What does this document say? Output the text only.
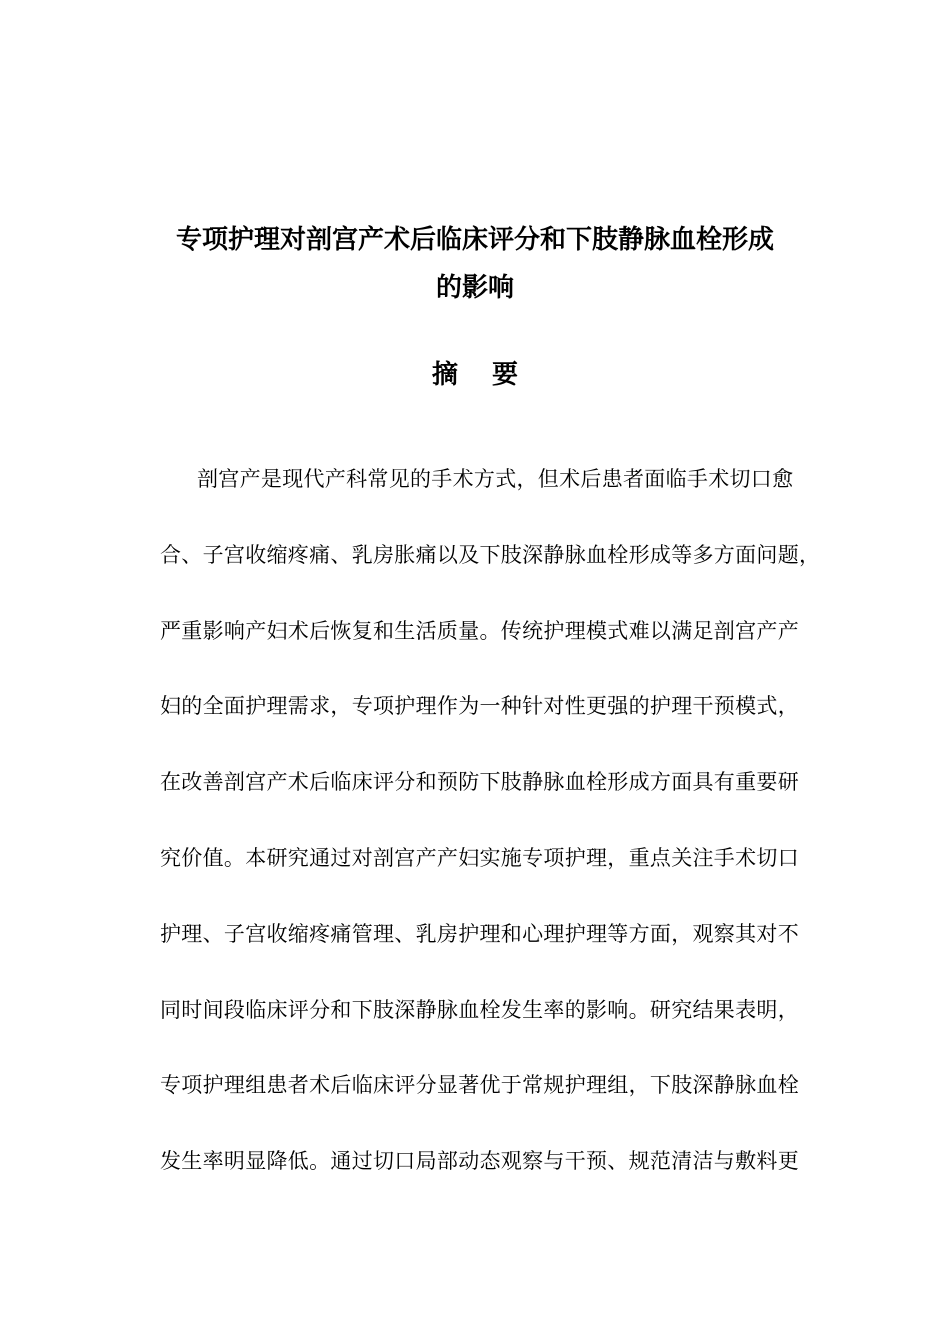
专项护理对剖宫产术后临床评分和下肢静脉血栓形成
的影响
摘要
剖宫产是现代产科常见的手术方式，但术后患者面临手术切口愈
合、子宫收缩疼痛、乳房胀痛以及下肢深静脉血栓形成等多方面问题，
严重影响产妇术后恢复和生活质量。传统护理模式难以满足剖宫产产
妇的全面护理需求，专项护理作为一种针对性更强的护理干预模式，
在改善剖宫产术后临床评分和预防下肢静脉血栓形成方面具有重要研
究价值。本研究通过对剖宫产产妇实施专项护理，重点关注手术切口
护理、子宫收缩疼痛管理、乳房护理和心理护理等方面，观察其对不
同时间段临床评分和下肢深静脉血栓发生率的影响。研究结果表明，
专项护理组患者术后临床评分显著优于常规护理组，下肢深静脉血栓
发生率明显降低。通过切口局部动态观察与干预、规范清洁与敷料更
